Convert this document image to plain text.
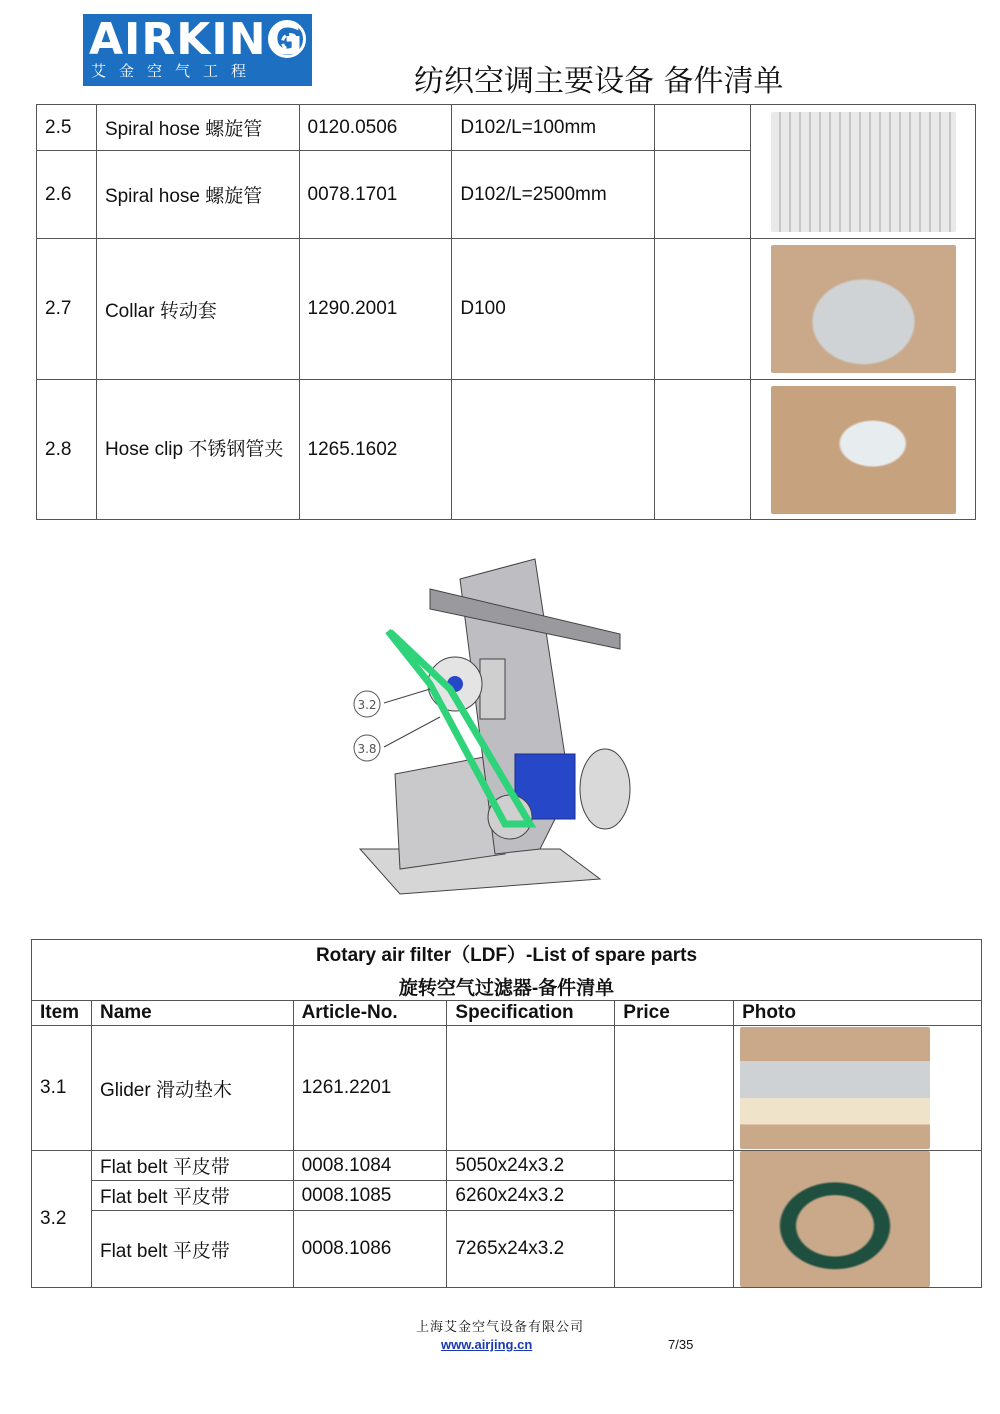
AIRKING
艾金空气工程	纺织空调主要设备 备件清单
2.5	Spiral hose 螺旋管	0120.0506	D102/L=100mm		

2.6	Spiral hose 螺旋管	0078.1701	D102/L=2500mm		
2.7	Collar 转动套	1290.2001	D100		

2.8	Hose clip 不锈钢管夹	1265.1602			
3.2
3.8
Rotary air filter（LDF）-List of spare parts
旋转空气过滤器-备件清单					

Item	Name	Article-No.	Specification	Price	Photo
3.1	Glider 滑动垫木	1261.2201			

3.2	Flat belt 平皮带	0008.1084	5050x24x3.2		

	Flat belt 平皮带	0008.1085	6260x24x3.2		
	Flat belt 平皮带	0008.1086	7265x24x3.2		
上海艾金空气设备有限公司
www.airjing.cn	7/35
